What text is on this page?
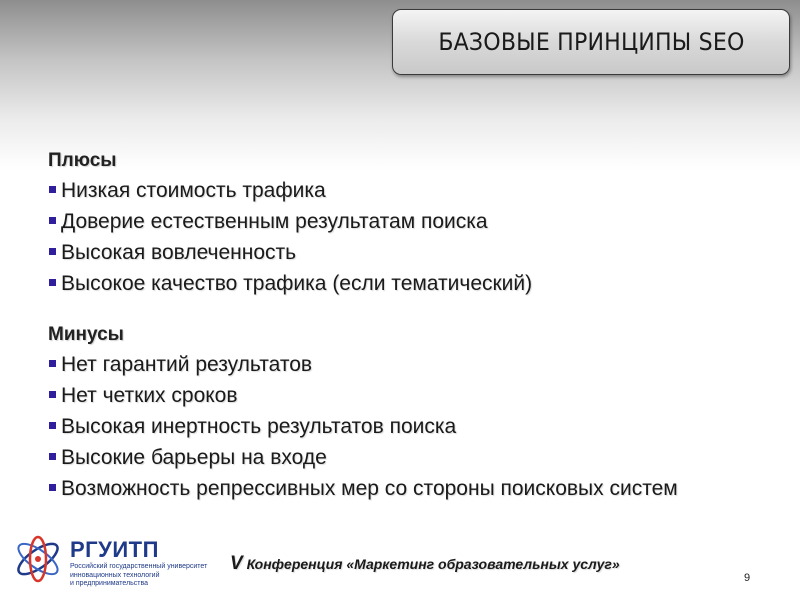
БАЗОВЫЕ ПРИНЦИПЫ SEO
Плюсы
Низкая стоимость трафика
Доверие естественным результатам поиска
Высокая вовлеченность
Высокое качество трафика (если тематический)
Минусы
Нет гарантий результатов
Нет четких сроков
Высокая инертность результатов поиска
Высокие барьеры на входе
Возможность репрессивных мер со стороны поисковых систем
РГУИТП
Российский государственный университет
инновационных технологий
и предпринимательства
V Конференция «Маркетинг образовательных услуг»
9
